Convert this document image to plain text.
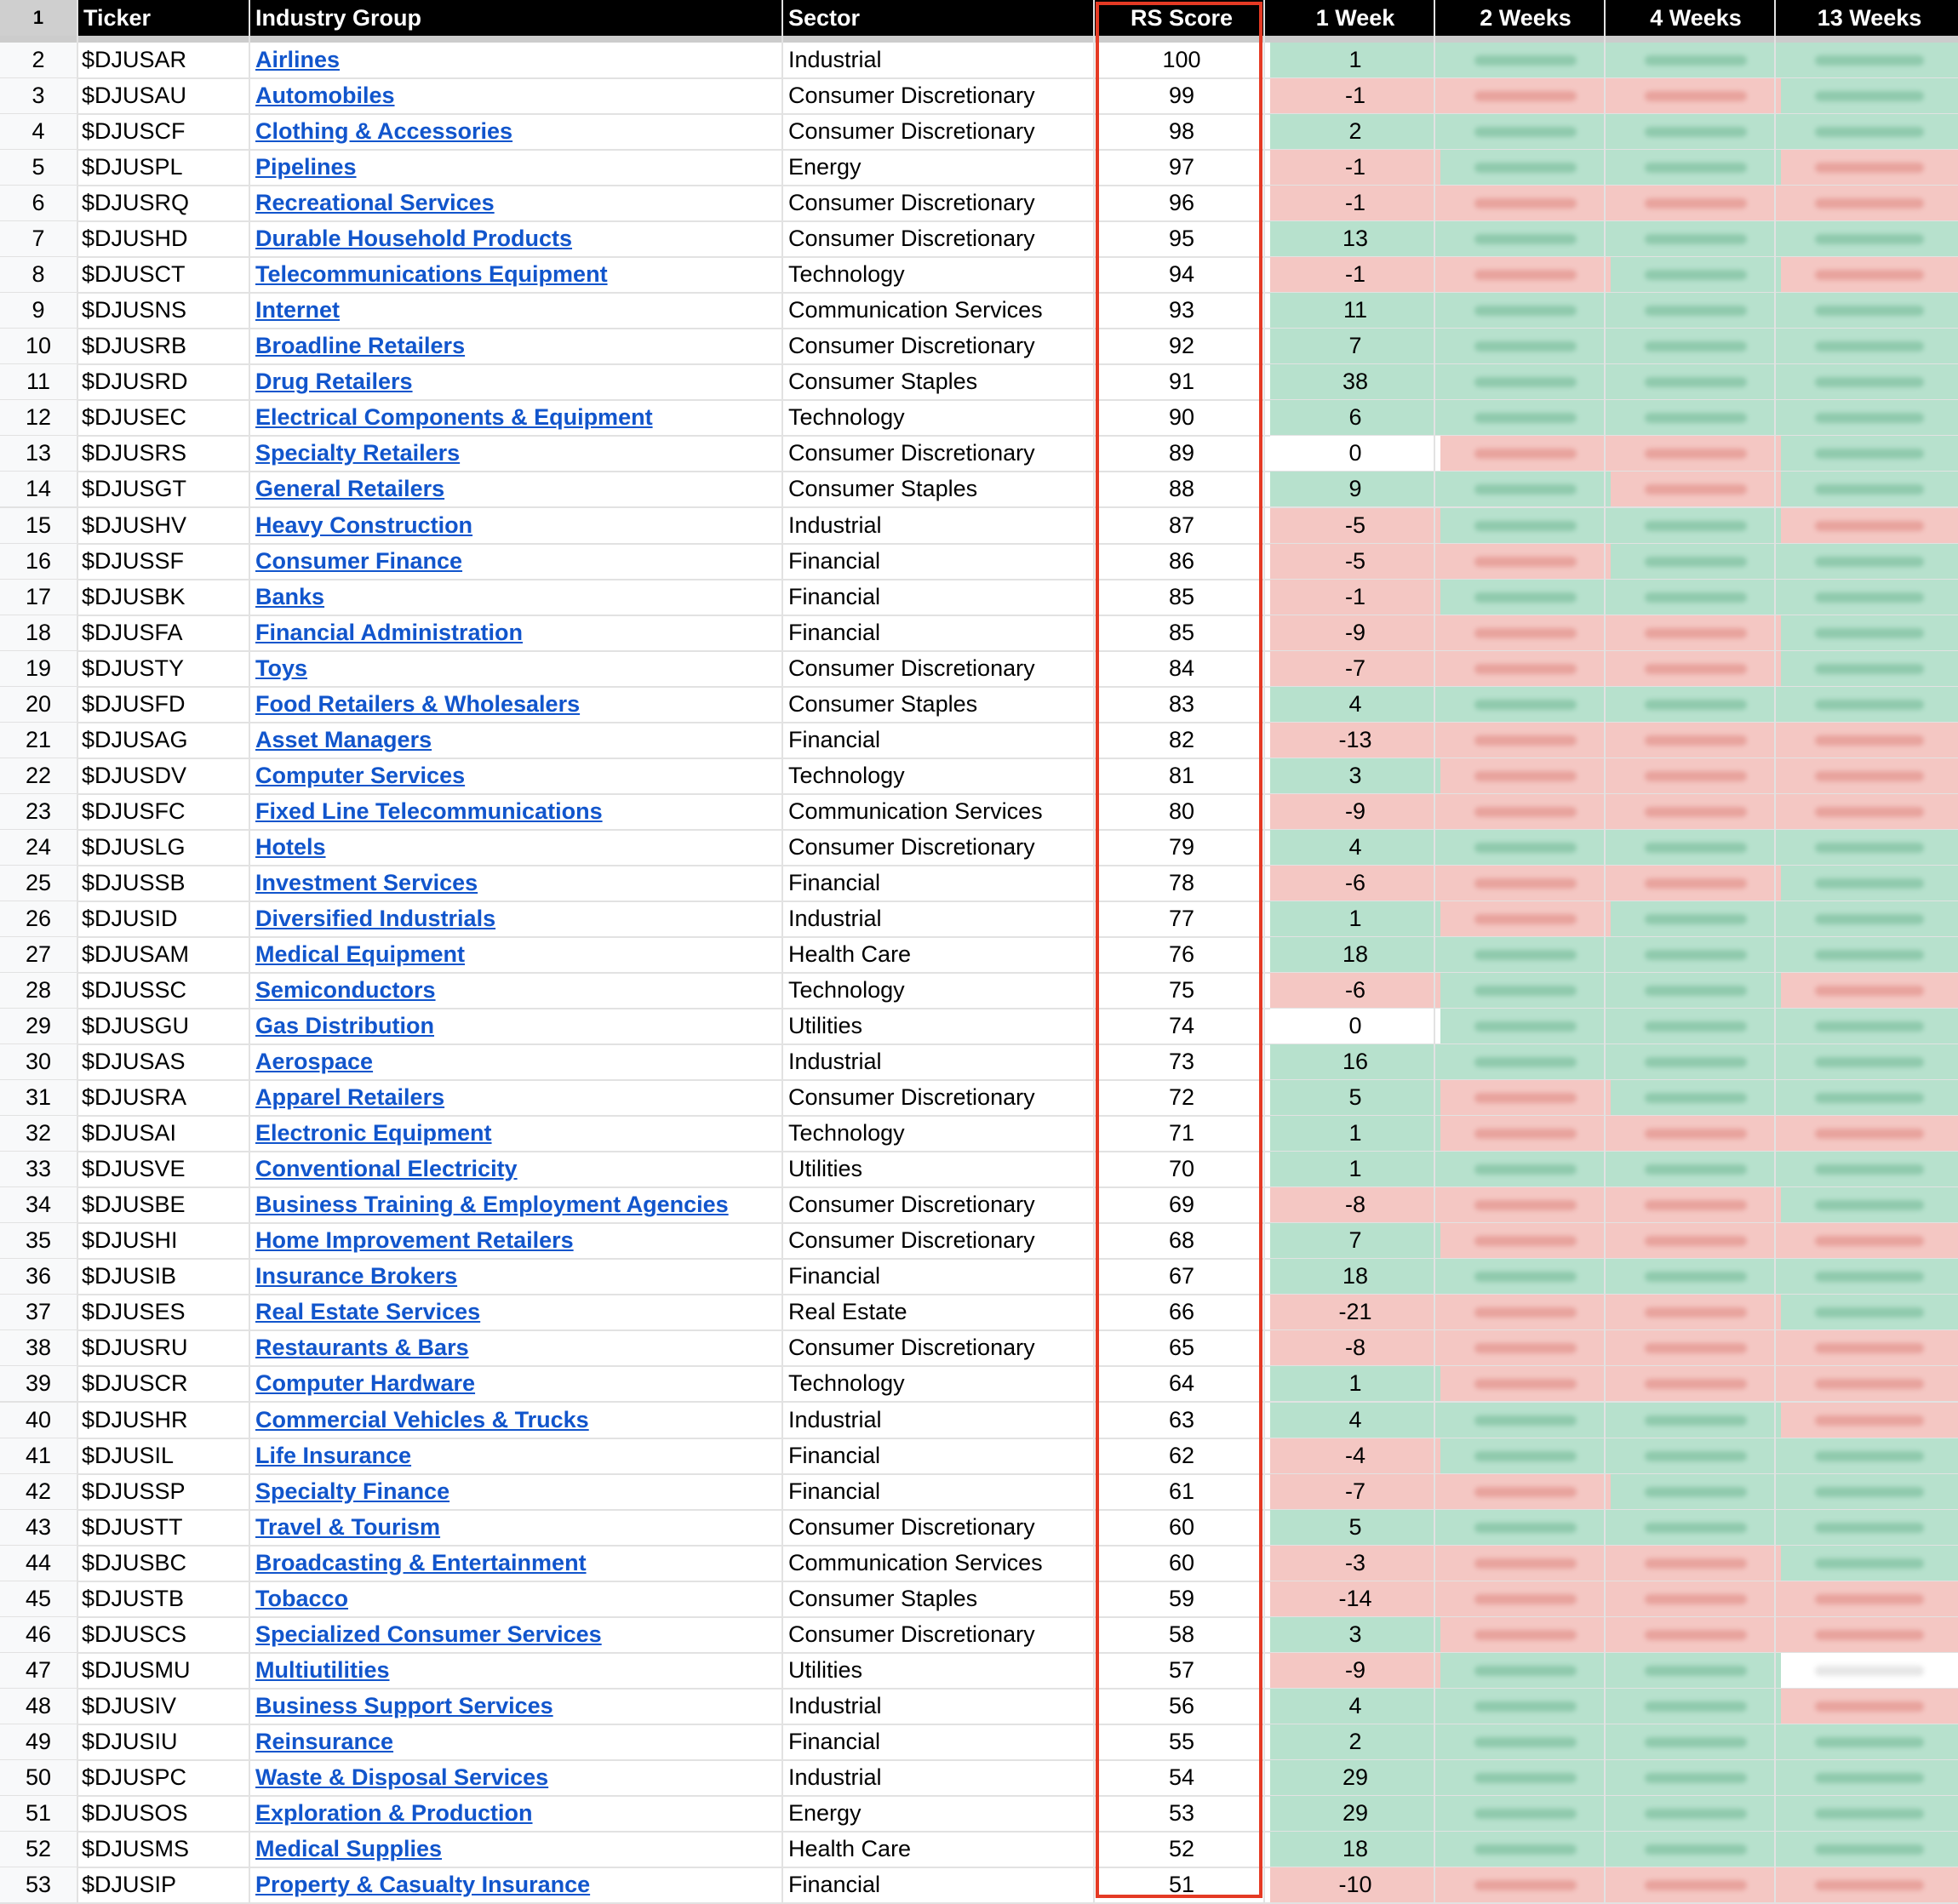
1	Ticker	Industry Group	Sector	RS Score	1 Week	2 Weeks	4 Weeks	13 Weeks
2	$DJUSAR	Airlines	Industrial	100	1
3	$DJUSAU	Automobiles	Consumer Discretionary	99	-1
4	$DJUSCF	Clothing & Accessories	Consumer Discretionary	98	2
5	$DJUSPL	Pipelines	Energy	97	-1
6	$DJUSRQ	Recreational Services	Consumer Discretionary	96	-1
7	$DJUSHD	Durable Household Products	Consumer Discretionary	95	13
8	$DJUSCT	Telecommunications Equipment	Technology	94	-1
9	$DJUSNS	Internet	Communication Services	93	11
10	$DJUSRB	Broadline Retailers	Consumer Discretionary	92	7
11	$DJUSRD	Drug Retailers	Consumer Staples	91	38
12	$DJUSEC	Electrical Components & Equipment	Technology	90	6
13	$DJUSRS	Specialty Retailers	Consumer Discretionary	89	0
14	$DJUSGT	General Retailers	Consumer Staples	88	9
15	$DJUSHV	Heavy Construction	Industrial	87	-5
16	$DJUSSF	Consumer Finance	Financial	86	-5
17	$DJUSBK	Banks	Financial	85	-1
18	$DJUSFA	Financial Administration	Financial	85	-9
19	$DJUSTY	Toys	Consumer Discretionary	84	-7
20	$DJUSFD	Food Retailers & Wholesalers	Consumer Staples	83	4
21	$DJUSAG	Asset Managers	Financial	82	-13
22	$DJUSDV	Computer Services	Technology	81	3
23	$DJUSFC	Fixed Line Telecommunications	Communication Services	80	-9
24	$DJUSLG	Hotels	Consumer Discretionary	79	4
25	$DJUSSB	Investment Services	Financial	78	-6
26	$DJUSID	Diversified Industrials	Industrial	77	1
27	$DJUSAM	Medical Equipment	Health Care	76	18
28	$DJUSSC	Semiconductors	Technology	75	-6
29	$DJUSGU	Gas Distribution	Utilities	74	0
30	$DJUSAS	Aerospace	Industrial	73	16
31	$DJUSRA	Apparel Retailers	Consumer Discretionary	72	5
32	$DJUSAI	Electronic Equipment	Technology	71	1
33	$DJUSVE	Conventional Electricity	Utilities	70	1
34	$DJUSBE	Business Training & Employment Agencies	Consumer Discretionary	69	-8
35	$DJUSHI	Home Improvement Retailers	Consumer Discretionary	68	7
36	$DJUSIB	Insurance Brokers	Financial	67	18
37	$DJUSES	Real Estate Services	Real Estate	66	-21
38	$DJUSRU	Restaurants & Bars	Consumer Discretionary	65	-8
39	$DJUSCR	Computer Hardware	Technology	64	1
40	$DJUSHR	Commercial Vehicles & Trucks	Industrial	63	4
41	$DJUSIL	Life Insurance	Financial	62	-4
42	$DJUSSP	Specialty Finance	Financial	61	-7
43	$DJUSTT	Travel & Tourism	Consumer Discretionary	60	5
44	$DJUSBC	Broadcasting & Entertainment	Communication Services	60	-3
45	$DJUSTB	Tobacco	Consumer Staples	59	-14
46	$DJUSCS	Specialized Consumer Services	Consumer Discretionary	58	3
47	$DJUSMU	Multiutilities	Utilities	57	-9
48	$DJUSIV	Business Support Services	Industrial	56	4
49	$DJUSIU	Reinsurance	Financial	55	2
50	$DJUSPC	Waste & Disposal Services	Industrial	54	29
51	$DJUSOS	Exploration & Production	Energy	53	29
52	$DJUSMS	Medical Supplies	Health Care	52	18
53	$DJUSIP	Property & Casualty Insurance	Financial	51	-10
